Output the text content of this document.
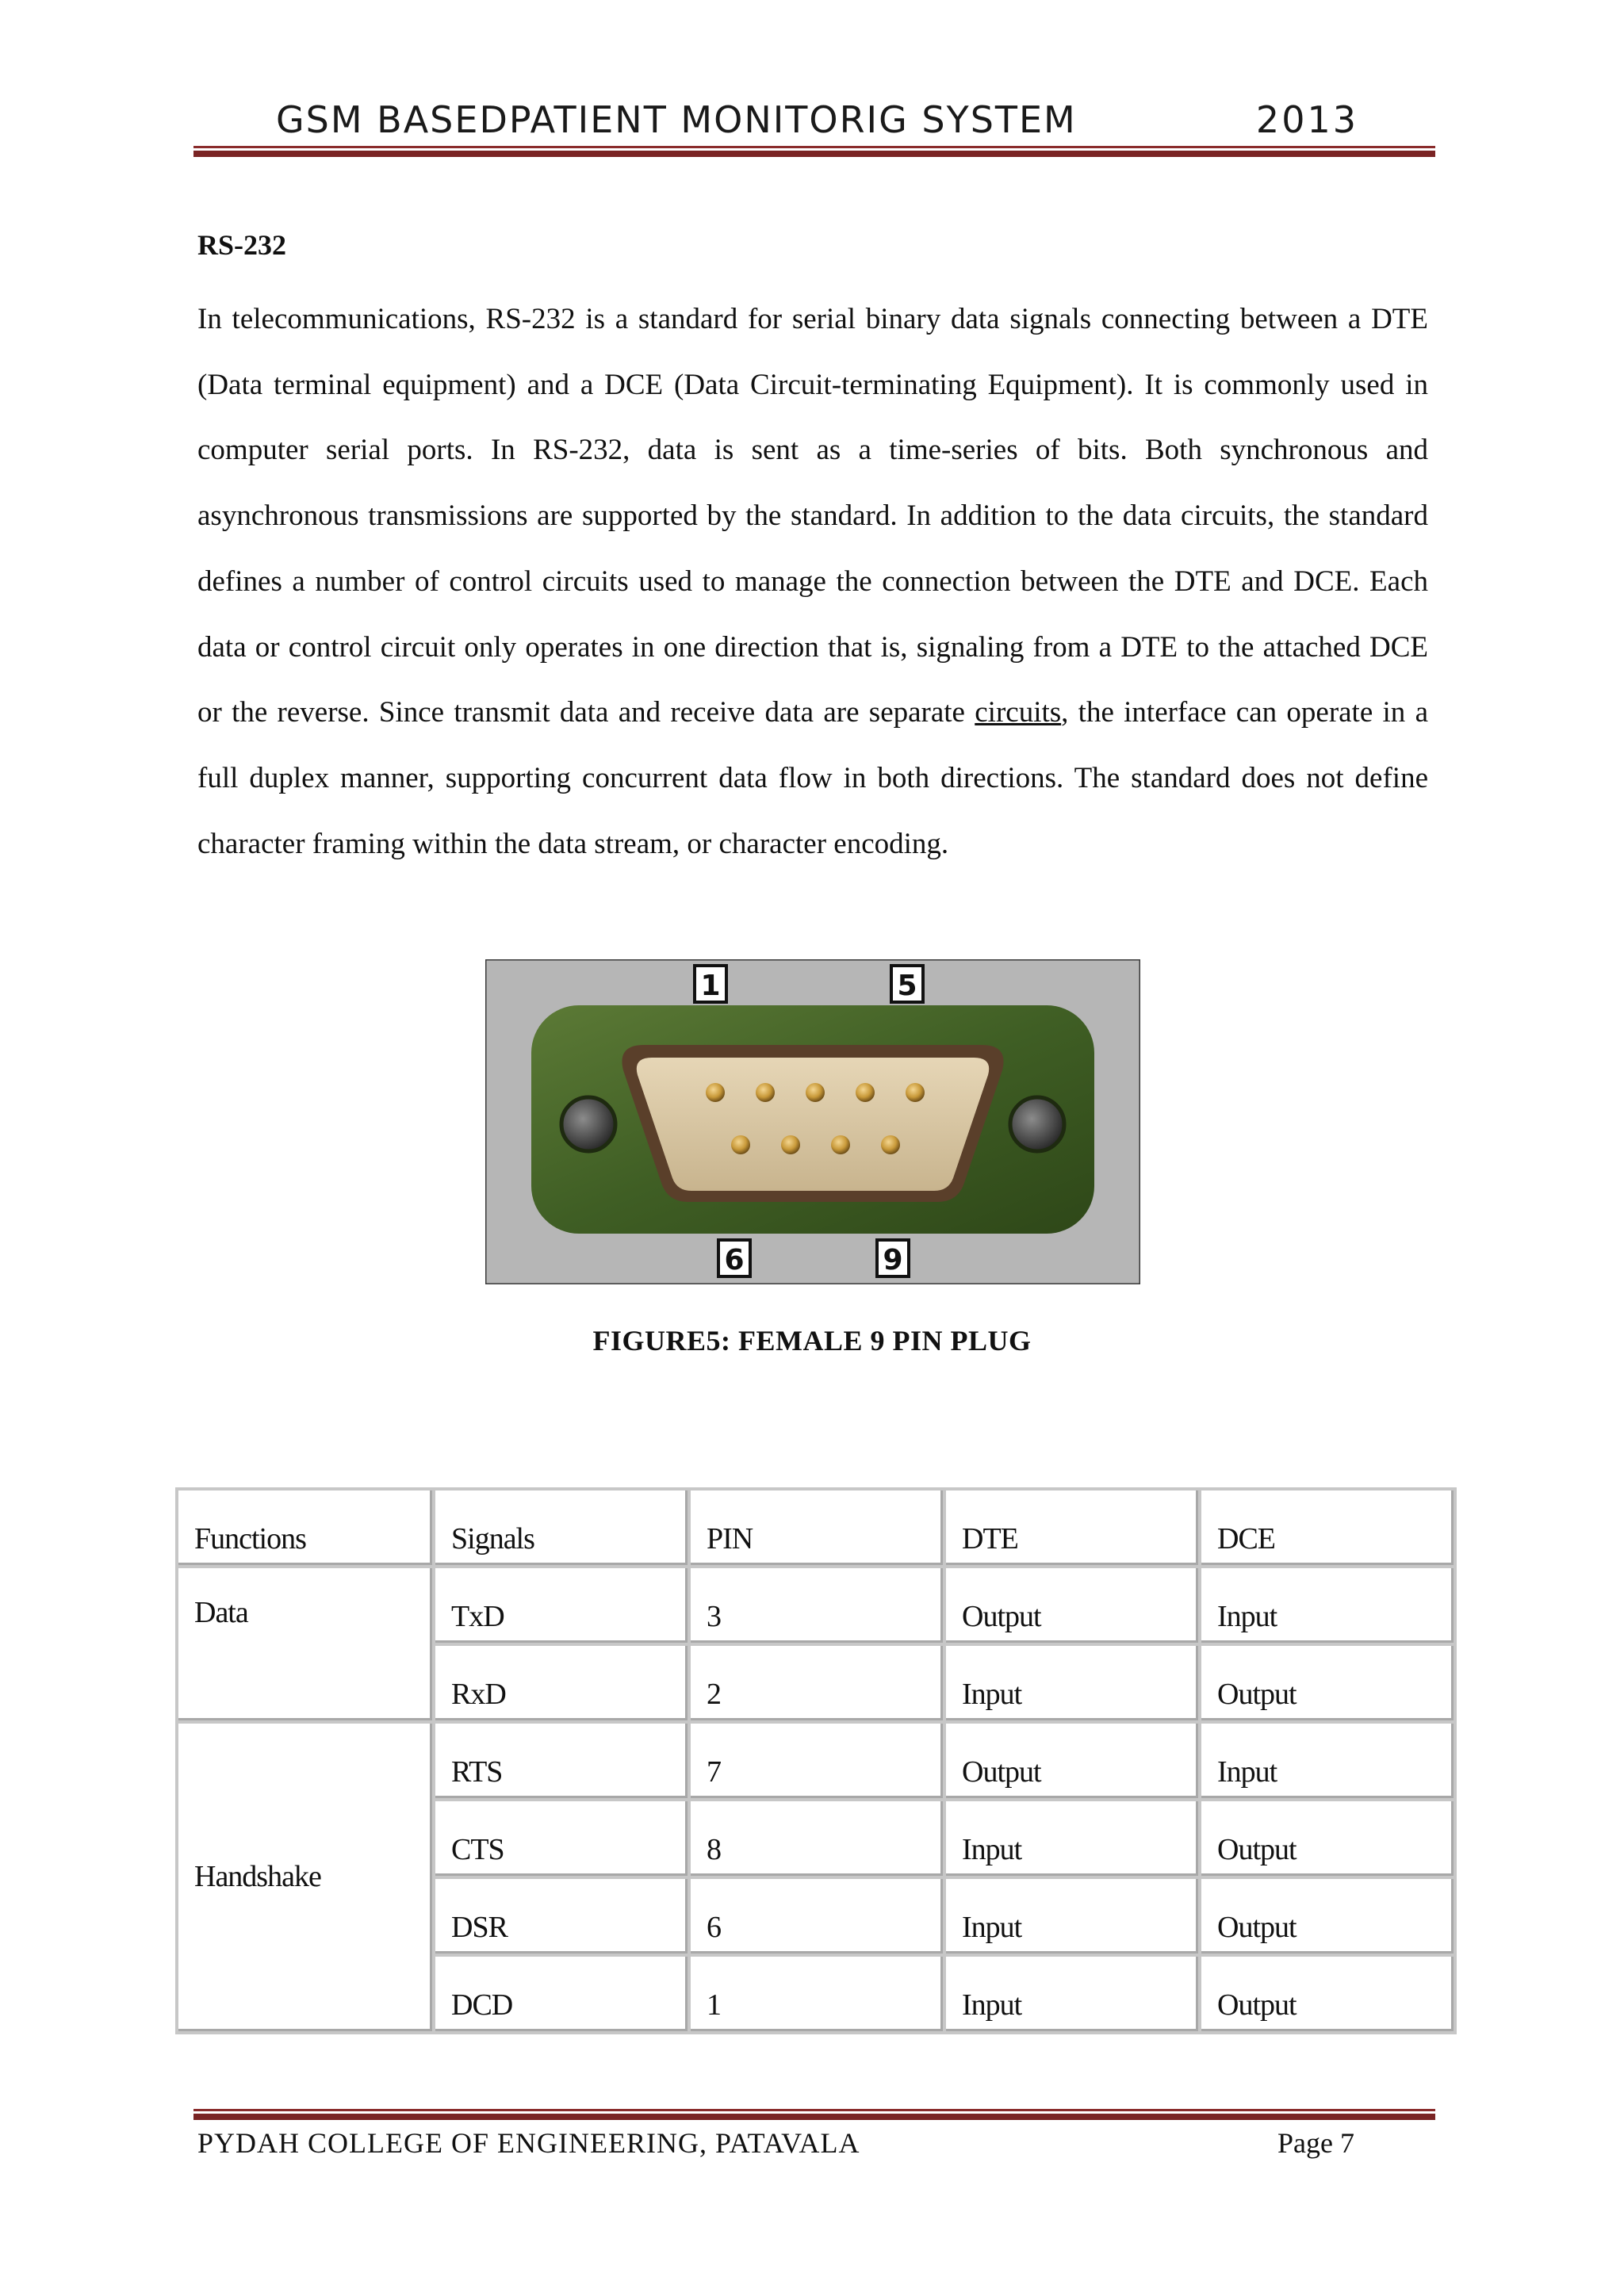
GSM BASEDPATIENT MONITORIG SYSTEM	2013
RS-232

In telecommunications, RS-232 is a standard for serial binary data signals connecting between a DTE (Data terminal equipment) and a DCE (Data Circuit-terminating Equipment). It is commonly used in computer serial ports. In RS-232, data is sent as a time-series of bits. Both synchronous and asynchronous transmissions are supported by the standard. In addition to the data circuits, the standard defines a number of control circuits used to manage the connection between the DTE and DCE. Each data or control circuit only operates in one direction that is, signaling from a DTE to the attached DCE or the reverse. Since transmit data and receive data are separate circuits, the interface can operate in a full duplex manner, supporting concurrent data flow in both directions. The standard does not define character framing within the data stream, or character encoding.

1	5
6	9
FIGURE5: FEMALE 9 PIN PLUG
Functions	Signals	PIN	DTE	DCE
Data	TxD	3	Output	Input
	RxD	2	Input	Output
Handshake	RTS	7	Output	Input
	CTS	8	Input	Output
	DSR	6	Input	Output
	DCD	1	Input	Output
PYDAH COLLEGE OF ENGINEERING, PATAVALA	Page 7
